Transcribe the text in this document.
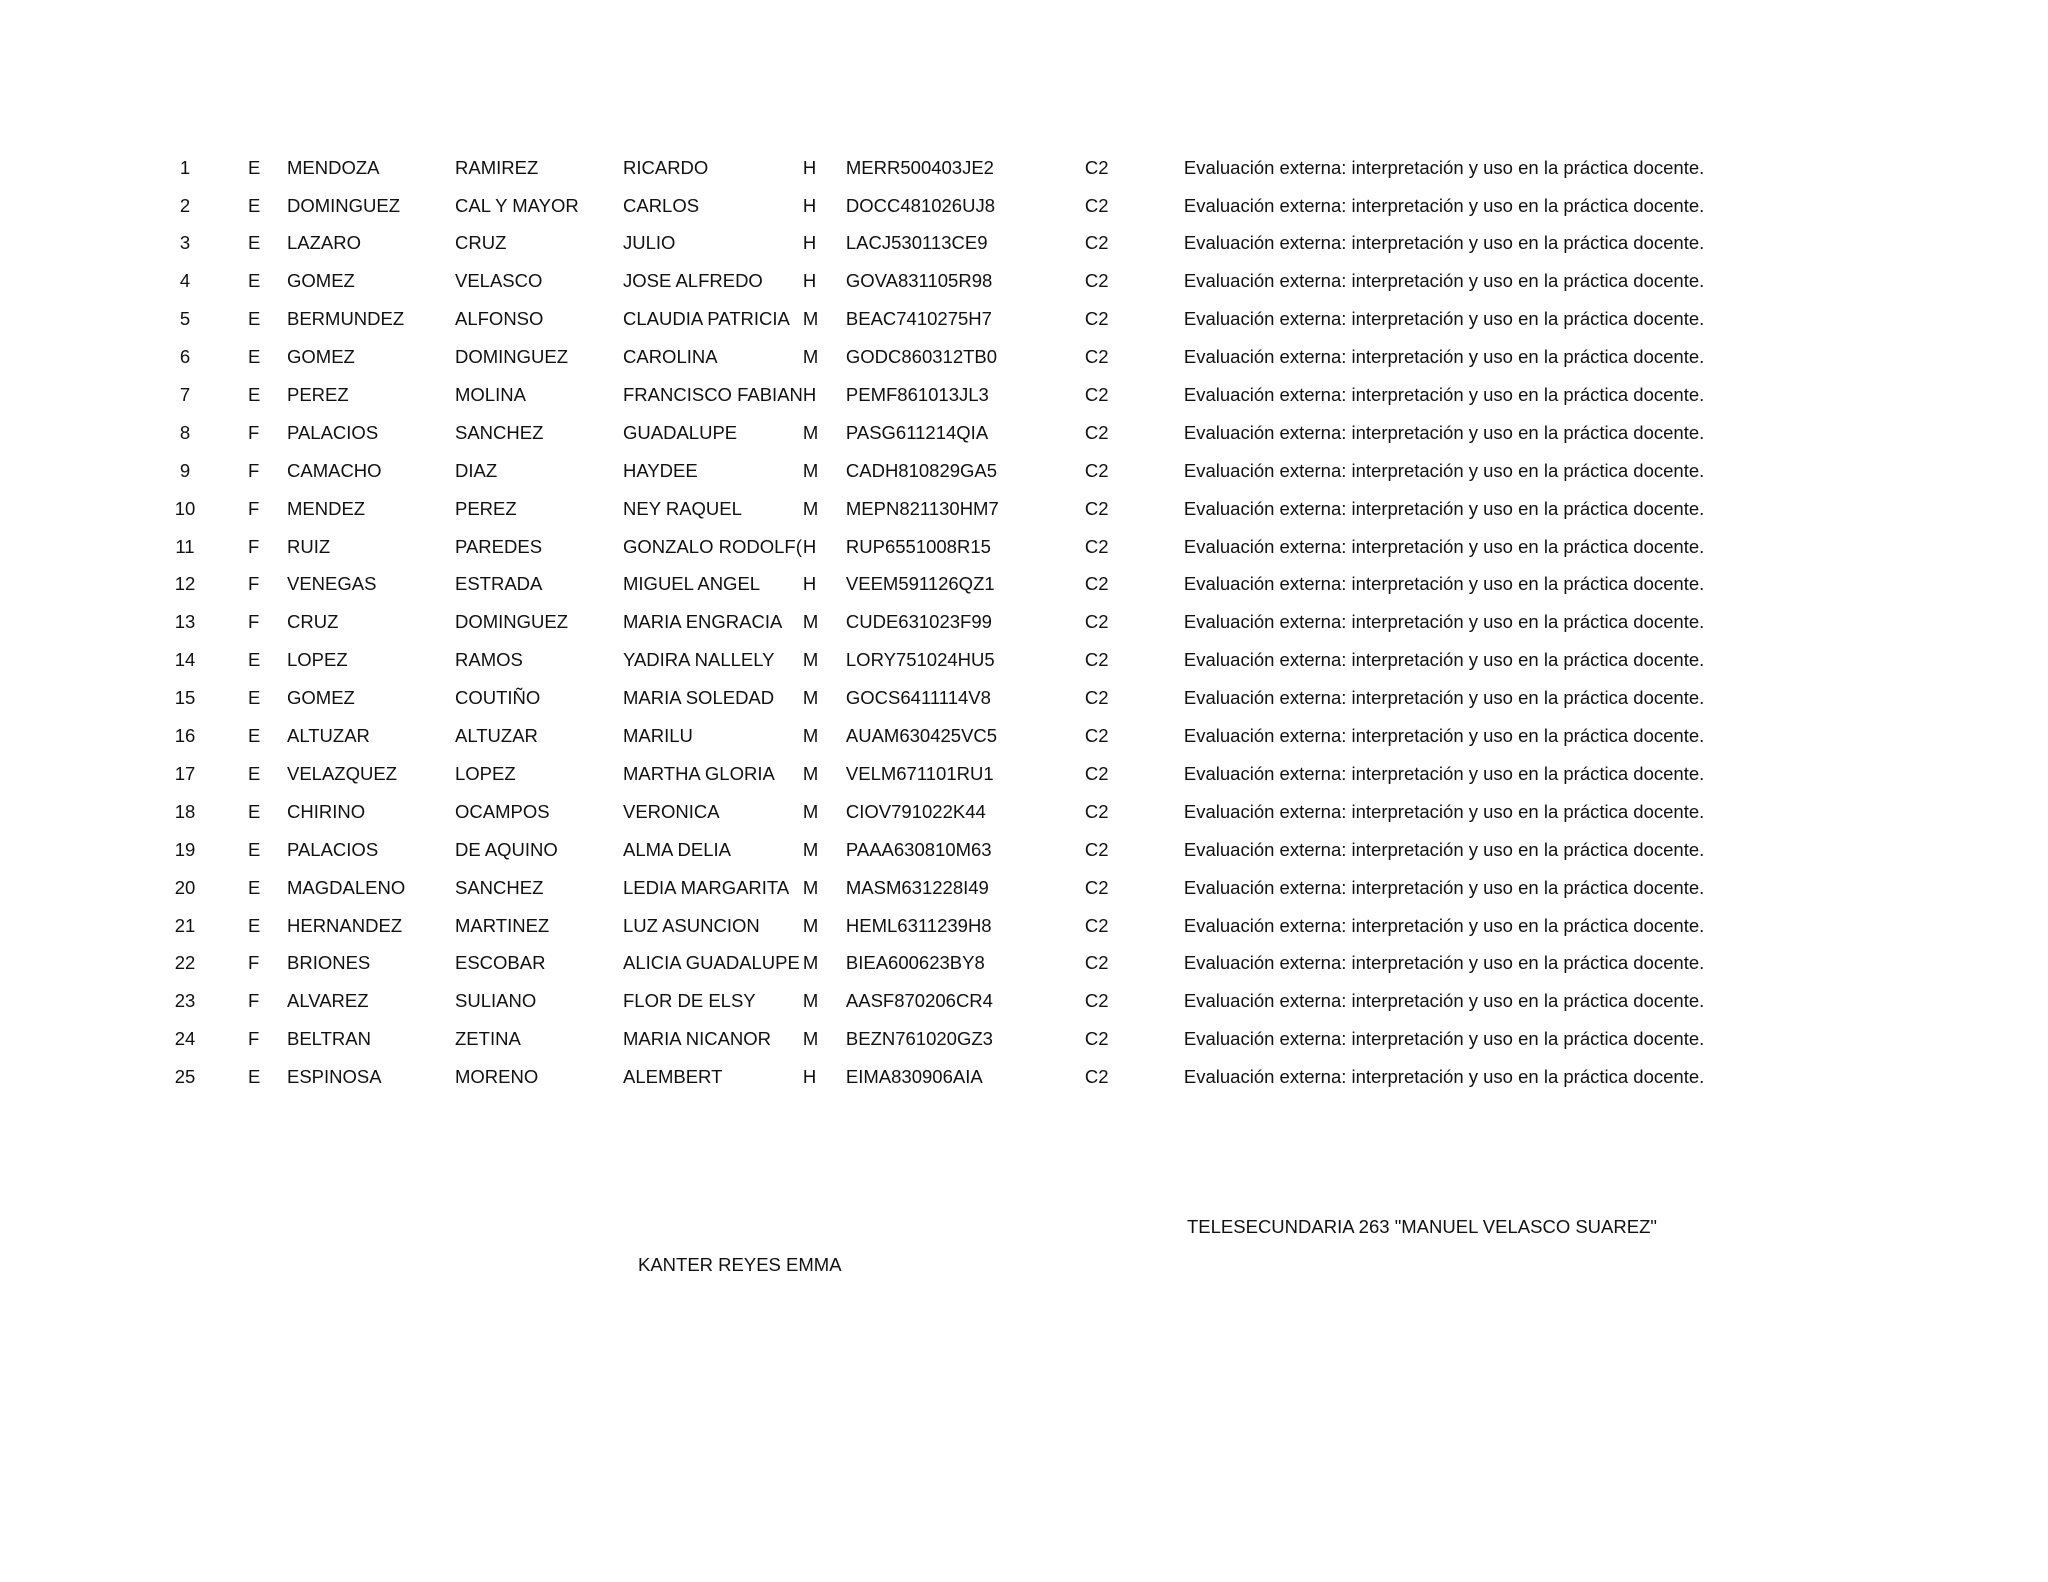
1	E	MENDOZA	RAMIREZ	RICARDO	H	MERR500403JE2	C2	Evaluación externa: interpretación y uso en la práctica docente.
2	E	DOMINGUEZ	CAL Y MAYOR	CARLOS	H	DOCC481026UJ8	C2	Evaluación externa: interpretación y uso en la práctica docente.
3	E	LAZARO	CRUZ	JULIO	H	LACJ530113CE9	C2	Evaluación externa: interpretación y uso en la práctica docente.
4	E	GOMEZ	VELASCO	JOSE ALFREDO	H	GOVA831105R98	C2	Evaluación externa: interpretación y uso en la práctica docente.
5	E	BERMUNDEZ	ALFONSO	CLAUDIA PATRICIA	M	BEAC7410275H7	C2	Evaluación externa: interpretación y uso en la práctica docente.
6	E	GOMEZ	DOMINGUEZ	CAROLINA	M	GODC860312TB0	C2	Evaluación externa: interpretación y uso en la práctica docente.
7	E	PEREZ	MOLINA	FRANCISCO FABIAN	H	PEMF861013JL3	C2	Evaluación externa: interpretación y uso en la práctica docente.
8	F	PALACIOS	SANCHEZ	GUADALUPE	M	PASG611214QIA	C2	Evaluación externa: interpretación y uso en la práctica docente.
9	F	CAMACHO	DIAZ	HAYDEE	M	CADH810829GA5	C2	Evaluación externa: interpretación y uso en la práctica docente.
10	F	MENDEZ	PEREZ	NEY RAQUEL	M	MEPN821130HM7	C2	Evaluación externa: interpretación y uso en la práctica docente.
11	F	RUIZ	PAREDES	GONZALO RODOLF(	H	RUP6551008R15	C2	Evaluación externa: interpretación y uso en la práctica docente.
12	F	VENEGAS	ESTRADA	MIGUEL ANGEL	H	VEEM591126QZ1	C2	Evaluación externa: interpretación y uso en la práctica docente.
13	F	CRUZ	DOMINGUEZ	MARIA ENGRACIA	M	CUDE631023F99	C2	Evaluación externa: interpretación y uso en la práctica docente.
14	E	LOPEZ	RAMOS	YADIRA NALLELY	M	LORY751024HU5	C2	Evaluación externa: interpretación y uso en la práctica docente.
15	E	GOMEZ	COUTIÑO	MARIA SOLEDAD	M	GOCS6411114V8	C2	Evaluación externa: interpretación y uso en la práctica docente.
16	E	ALTUZAR	ALTUZAR	MARILU	M	AUAM630425VC5	C2	Evaluación externa: interpretación y uso en la práctica docente.
17	E	VELAZQUEZ	LOPEZ	MARTHA GLORIA	M	VELM671101RU1	C2	Evaluación externa: interpretación y uso en la práctica docente.
18	E	CHIRINO	OCAMPOS	VERONICA	M	CIOV791022K44	C2	Evaluación externa: interpretación y uso en la práctica docente.
19	E	PALACIOS	DE AQUINO	ALMA DELIA	M	PAAA630810M63	C2	Evaluación externa: interpretación y uso en la práctica docente.
20	E	MAGDALENO	SANCHEZ	LEDIA MARGARITA	M	MASM631228I49	C2	Evaluación externa: interpretación y uso en la práctica docente.
21	E	HERNANDEZ	MARTINEZ	LUZ ASUNCION	M	HEML6311239H8	C2	Evaluación externa: interpretación y uso en la práctica docente.
22	F	BRIONES	ESCOBAR	ALICIA GUADALUPE	M	BIEA600623BY8	C2	Evaluación externa: interpretación y uso en la práctica docente.
23	F	ALVAREZ	SULIANO	FLOR DE ELSY	M	AASF870206CR4	C2	Evaluación externa: interpretación y uso en la práctica docente.
24	F	BELTRAN	ZETINA	MARIA NICANOR	M	BEZN761020GZ3	C2	Evaluación externa: interpretación y uso en la práctica docente.
25	E	ESPINOSA	MORENO	ALEMBERT	H	EIMA830906AIA	C2	Evaluación externa: interpretación y uso en la práctica docente.
TELESECUNDARIA 263 "MANUEL VELASCO SUAREZ"
KANTER REYES EMMA
